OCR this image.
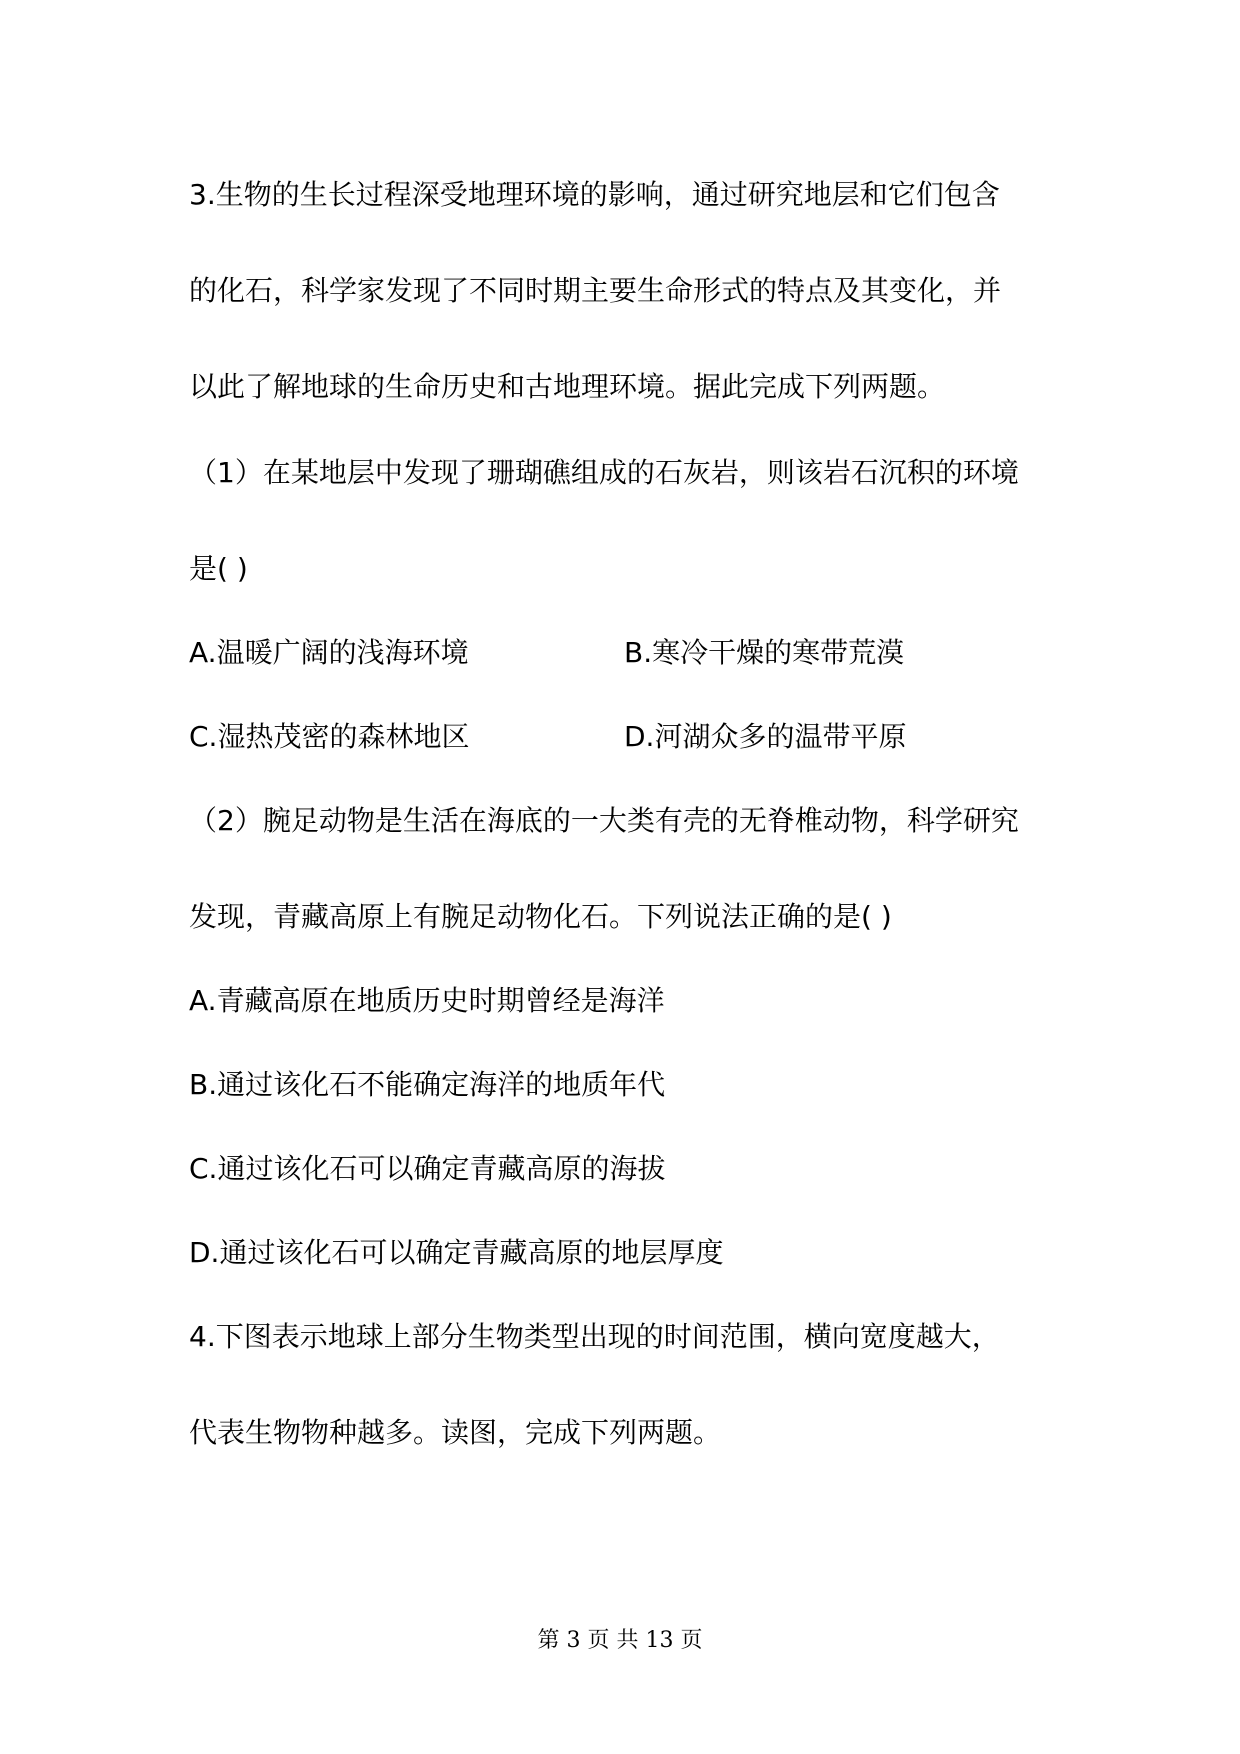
3.生物的生长过程深受地理环境的影响，通过研究地层和它们包含
的化石，科学家发现了不同时期主要生命形式的特点及其变化，并
以此了解地球的生命历史和古地理环境。据此完成下列两题。
（1）在某地层中发现了珊瑚礁组成的石灰岩，则该岩石沉积的环境
是( )
A.温暖广阔的浅海环境	B.寒冷干燥的寒带荒漠
C.湿热茂密的森林地区	D.河湖众多的温带平原
（2）腕足动物是生活在海底的一大类有壳的无脊椎动物，科学研究
发现，青藏高原上有腕足动物化石。下列说法正确的是( )
A.青藏高原在地质历史时期曾经是海洋
B.通过该化石不能确定海洋的地质年代
C.通过该化石可以确定青藏高原的海拔
D.通过该化石可以确定青藏高原的地层厚度
4.下图表示地球上部分生物类型出现的时间范围，横向宽度越大，
代表生物物种越多。读图，完成下列两题。
第 3 页 共 13 页
